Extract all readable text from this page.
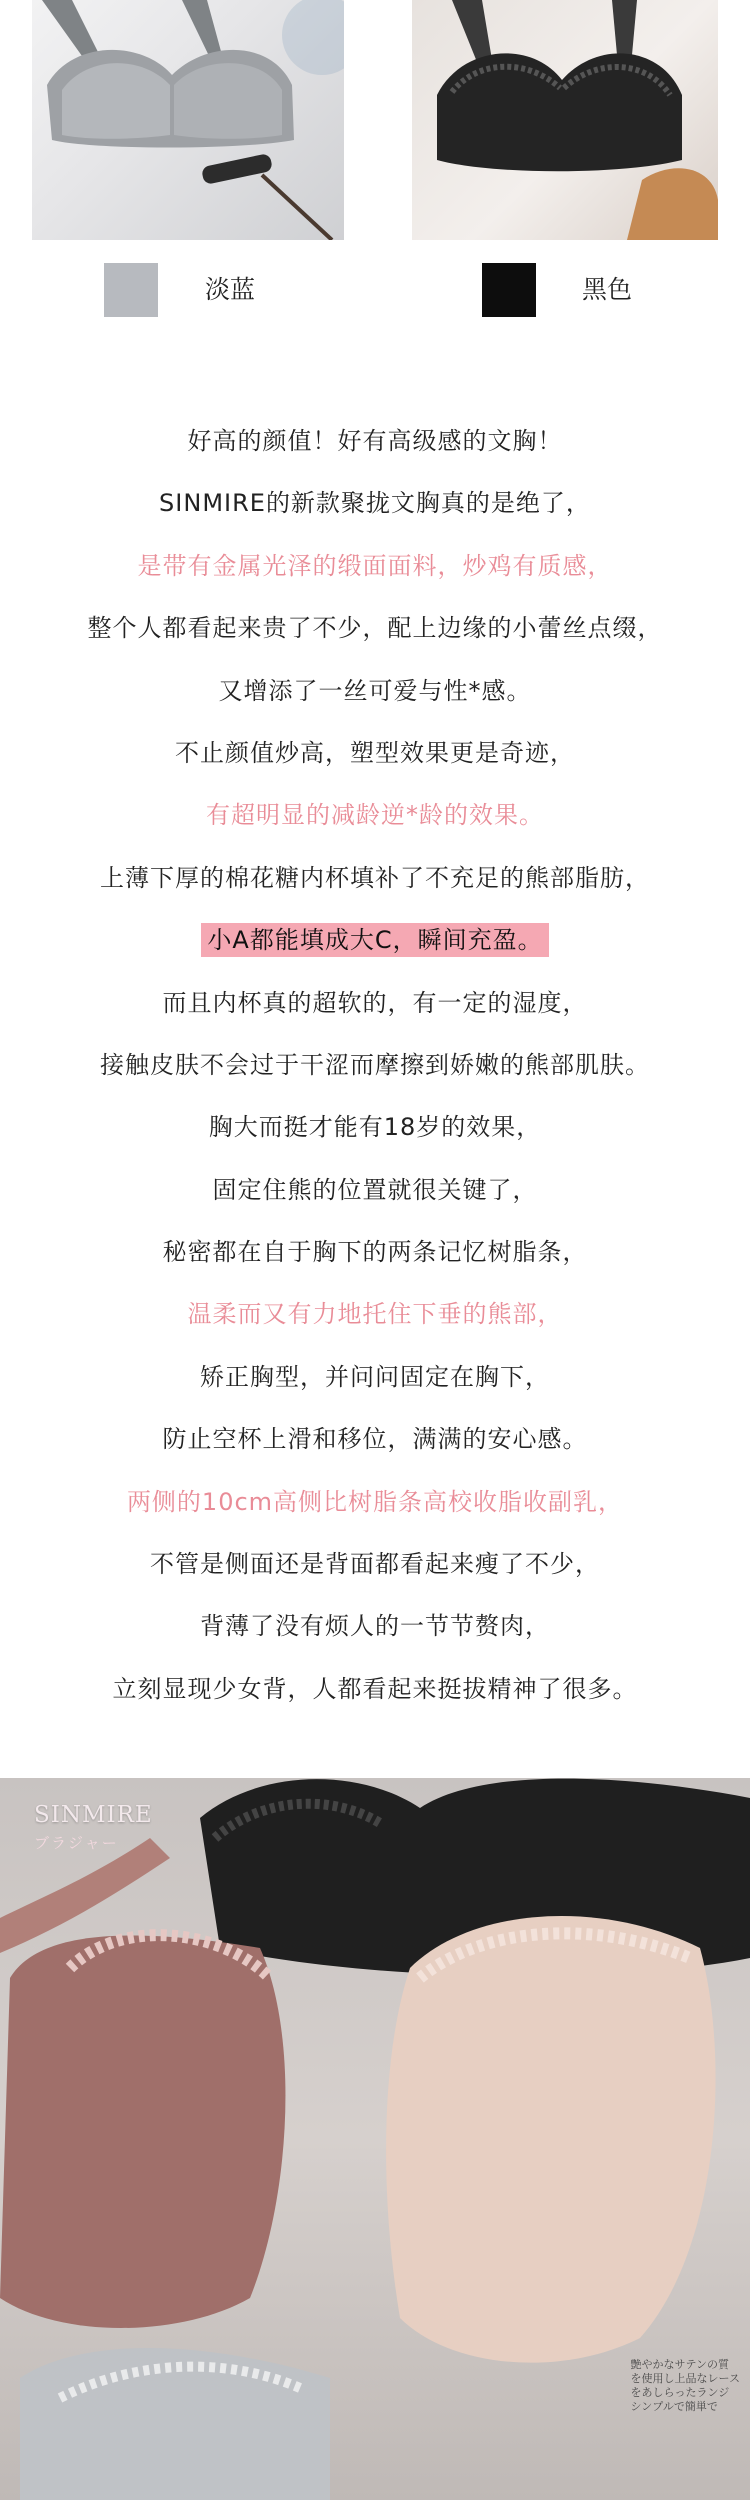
淡蓝	黑色
好高的颜值！好有高级感的文胸！
SINMIRE的新款聚拢文胸真的是绝了，
是带有金属光泽的缎面面料，炒鸡有质感，
整个人都看起来贵了不少，配上边缘的小蕾丝点缀，
又增添了一丝可爱与性*感。
不止颜值炒高，塑型效果更是奇迹，
有超明显的减龄逆*龄的效果。
上薄下厚的棉花糖内杯填补了不充足的熊部脂肪，
小A都能填成大C，瞬间充盈。
而且内杯真的超软的，有一定的湿度，
接触皮肤不会过于干涩而摩擦到娇嫩的熊部肌肤。
胸大而挺才能有18岁的效果，
固定住熊的位置就很关键了，
秘密都在自于胸下的两条记忆树脂条，
温柔而又有力地托住下垂的熊部，
矫正胸型，并问问固定在胸下，
防止空杯上滑和移位，满满的安心感。
两侧的10cm高侧比树脂条高校收脂收副乳，
不管是侧面还是背面都看起来瘦了不少，
背薄了没有烦人的一节节赘肉，
立刻显现少女背，人都看起来挺拔精神了很多。
SINMIRE
ブラジャー
艶やかなサテンの質
を使用し上品なレース
をあしらったランジ
シンプルで簡単で
